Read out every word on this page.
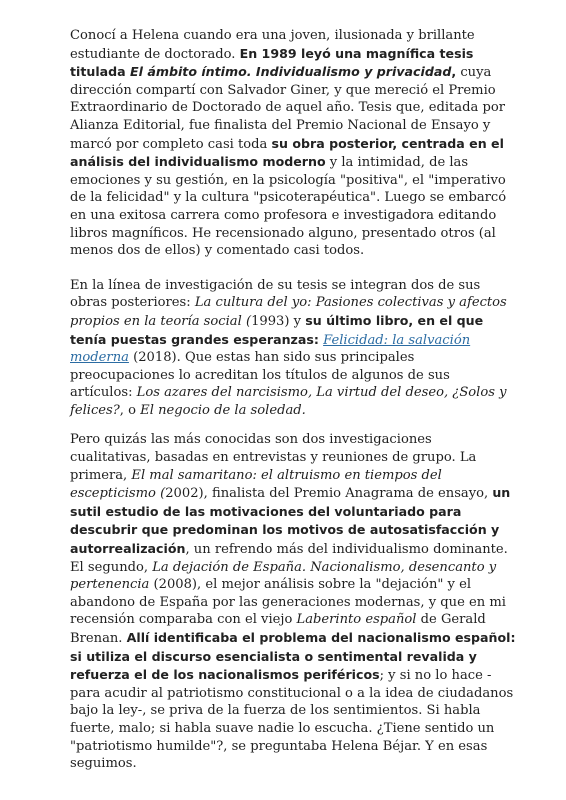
Conocí a Helena cuando era una joven, ilusionada y brillante estudiante de doctorado. En 1989 leyó una magnífica tesis titulada El ámbito íntimo. Individualismo y privacidad, cuya dirección compartí con Salvador Giner, y que mereció el Premio Extraordinario de Doctorado de aquel año. Tesis que, editada por Alianza Editorial, fue finalista del Premio Nacional de Ensayo y marcó por completo casi toda su obra posterior, centrada en el análisis del individualismo moderno y la intimidad, de las emociones y su gestión, en la psicología "positiva", el "imperativo de la felicidad" y la cultura "psicoterapéutica". Luego se embarcó en una exitosa carrera como profesora e investigadora editando libros magníficos. He recensionado alguno, presentado otros (al menos dos de ellos) y comentado casi todos.

En la línea de investigación de su tesis se integran dos de sus obras posteriores: La cultura del yo: Pasiones colectivas y afectos propios en la teoría social (1993) y su último libro, en el que tenía puestas grandes esperanzas: Felicidad: la salvación moderna (2018). Que estas han sido sus principales preocupaciones lo acreditan los títulos de algunos de sus artículos: Los azares del narcisismo, La virtud del deseo, ¿Solos y felices?, o El negocio de la soledad.

Pero quizás las más conocidas son dos investigaciones cualitativas, basadas en entrevistas y reuniones de grupo. La primera, El mal samaritano: el altruismo en tiempos del escepticismo (2002), finalista del Premio Anagrama de ensayo, un sutil estudio de las motivaciones del voluntariado para descubrir que predominan los motivos de autosatisfacción y autorrealización, un refrendo más del individualismo dominante. El segundo, La dejación de España. Nacionalismo, desencanto y pertenencia (2008), el mejor análisis sobre la "dejación" y el abandono de España por las generaciones modernas, y que en mi recensión comparaba con el viejo Laberinto español de Gerald Brenan. Allí identificaba el problema del nacionalismo español: si utiliza el discurso esencialista o sentimental revalida y refuerza el de los nacionalismos periféricos; y si no lo hace -para acudir al patriotismo constitucional o a la idea de ciudadanos bajo la ley-, se priva de la fuerza de los sentimientos. Si habla fuerte, malo; si habla suave nadie lo escucha. ¿Tiene sentido un "patriotismo humilde"?, se preguntaba Helena Béjar. Y en esas seguimos.
